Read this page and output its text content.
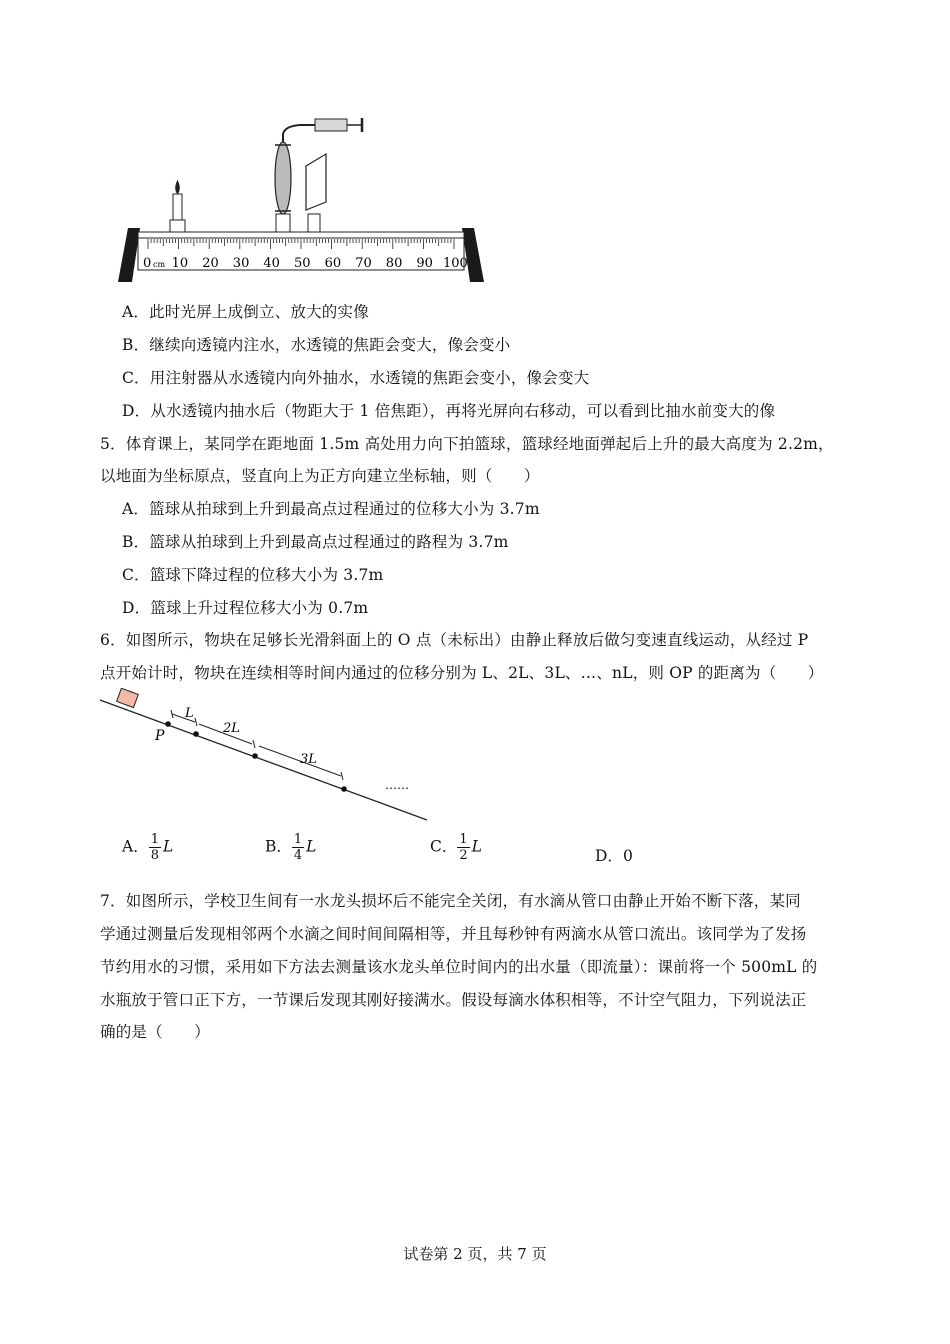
0 cm 10 20 30 40 50 60 70 80 90 100
A．此时光屏上成倒立、放大的实像
B．继续向透镜内注水，水透镜的焦距会变大，像会变小
C．用注射器从水透镜内向外抽水，水透镜的焦距会变小，像会变大
D．从水透镜内抽水后（物距大于 1 倍焦距），再将光屏向右移动，可以看到比抽水前变大的像
5．体育课上，某同学在距地面 1.5m 高处用力向下拍篮球，篮球经地面弹起后上升的最大高度为 2.2m，
以地面为坐标原点，竖直向上为正方向建立坐标轴，则（　　）
A．篮球从拍球到上升到最高点过程通过的位移大小为 3.7m
B．篮球从拍球到上升到最高点过程通过的路程为 3.7m
C．篮球下降过程的位移大小为 3.7m
D．篮球上升过程位移大小为 0.7m
6．如图所示，物块在足够长光滑斜面上的 O 点（未标出）由静止释放后做匀变速直线运动，从经过 P
点开始计时，物块在连续相等时间内通过的位移分别为 L、2L、3L、…、nL，则 OP 的距离为（　　）
P
L
2L
3L
……
A． $\frac{1}{8}$ L	B． $\frac{1}{4}$ L	C． $\frac{1}{2}$ L
D．0
7．如图所示，学校卫生间有一水龙头损坏后不能完全关闭，有水滴从管口由静止开始不断下落，某同
学通过测量后发现相邻两个水滴之间时间间隔相等，并且每秒钟有两滴水从管口流出。该同学为了发扬
节约用水的习惯，采用如下方法去测量该水龙头单位时间内的出水量（即流量）：课前将一个 500mL 的
水瓶放于管口正下方，一节课后发现其刚好接满水。假设每滴水体积相等，不计空气阻力，下列说法正
确的是（　　）
试卷第 2 页，共 7 页
